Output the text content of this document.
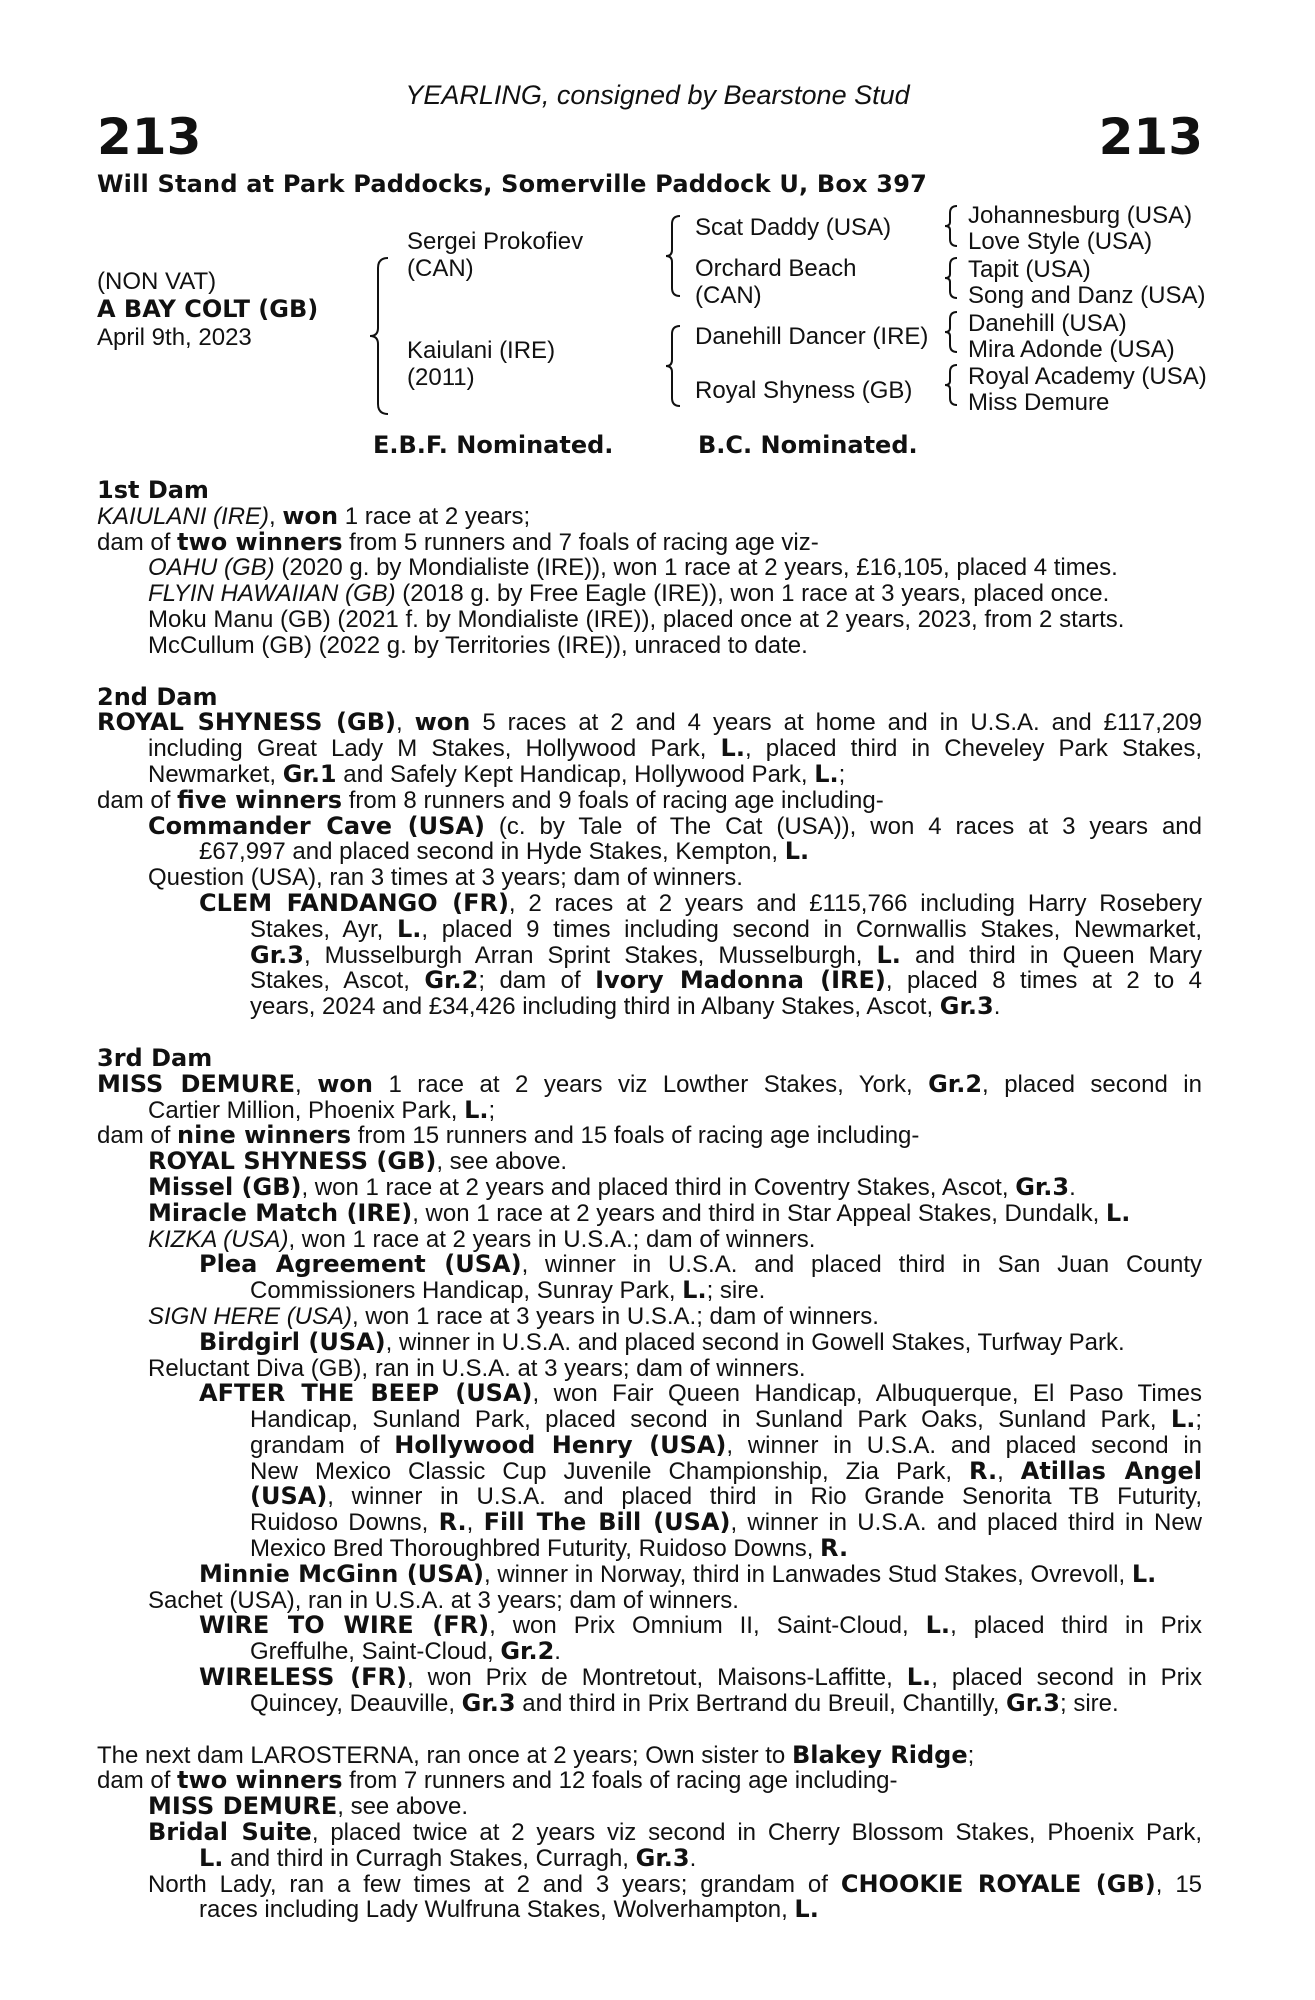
YEARLING, consigned by Bearstone Stud
213	213
Will Stand at Park Paddocks, Somerville Paddock U, Box 397
(NON VAT)
A BAY COLT (GB)
April 9th, 2023
Sergei Prokofiev
(CAN)
Kaiulani (IRE)
(2011)
Scat Daddy (USA)
Orchard Beach
(CAN)
Danehill Dancer (IRE)
Royal Shyness (GB)
Johannesburg (USA)
Love Style (USA)
Tapit (USA)
Song and Danz (USA)
Danehill (USA)
Mira Adonde (USA)
Royal Academy (USA)
Miss Demure
E.B.F. Nominated.	B.C. Nominated.
1st Dam
KAIULANI (IRE), won 1 race at 2 years;
dam of two winners from 5 runners and 7 foals of racing age viz-
OAHU (GB) (2020 g. by Mondialiste (IRE)), won 1 race at 2 years, £16,105, placed 4 times.
FLYIN HAWAIIAN (GB) (2018 g. by Free Eagle (IRE)), won 1 race at 3 years, placed once.
Moku Manu (GB) (2021 f. by Mondialiste (IRE)), placed once at 2 years, 2023, from 2 starts.
McCullum (GB) (2022 g. by Territories (IRE)), unraced to date.
2nd Dam
ROYAL SHYNESS (GB), won 5 races at 2 and 4 years at home and in U.S.A. and £117,209
including Great Lady M Stakes, Hollywood Park, L., placed third in Cheveley Park Stakes,
Newmarket, Gr.1 and Safely Kept Handicap, Hollywood Park, L.;
dam of five winners from 8 runners and 9 foals of racing age including-
Commander Cave (USA) (c. by Tale of The Cat (USA)), won 4 races at 3 years and
£67,997 and placed second in Hyde Stakes, Kempton, L.
Question (USA), ran 3 times at 3 years; dam of winners.
CLEM FANDANGO (FR), 2 races at 2 years and £115,766 including Harry Rosebery
Stakes, Ayr, L., placed 9 times including second in Cornwallis Stakes, Newmarket,
Gr.3, Musselburgh Arran Sprint Stakes, Musselburgh, L. and third in Queen Mary
Stakes, Ascot, Gr.2; dam of Ivory Madonna (IRE), placed 8 times at 2 to 4
years, 2024 and £34,426 including third in Albany Stakes, Ascot, Gr.3.
3rd Dam
MISS DEMURE, won 1 race at 2 years viz Lowther Stakes, York, Gr.2, placed second in
Cartier Million, Phoenix Park, L.;
dam of nine winners from 15 runners and 15 foals of racing age including-
ROYAL SHYNESS (GB), see above.
Missel (GB), won 1 race at 2 years and placed third in Coventry Stakes, Ascot, Gr.3.
Miracle Match (IRE), won 1 race at 2 years and third in Star Appeal Stakes, Dundalk, L.
KIZKA (USA), won 1 race at 2 years in U.S.A.; dam of winners.
Plea Agreement (USA), winner in U.S.A. and placed third in San Juan County
Commissioners Handicap, Sunray Park, L.; sire.
SIGN HERE (USA), won 1 race at 3 years in U.S.A.; dam of winners.
Birdgirl (USA), winner in U.S.A. and placed second in Gowell Stakes, Turfway Park.
Reluctant Diva (GB), ran in U.S.A. at 3 years; dam of winners.
AFTER THE BEEP (USA), won Fair Queen Handicap, Albuquerque, El Paso Times
Handicap, Sunland Park, placed second in Sunland Park Oaks, Sunland Park, L.;
grandam of Hollywood Henry (USA), winner in U.S.A. and placed second in
New Mexico Classic Cup Juvenile Championship, Zia Park, R., Atillas Angel
(USA), winner in U.S.A. and placed third in Rio Grande Senorita TB Futurity,
Ruidoso Downs, R., Fill The Bill (USA), winner in U.S.A. and placed third in New
Mexico Bred Thoroughbred Futurity, Ruidoso Downs, R.
Minnie McGinn (USA), winner in Norway, third in Lanwades Stud Stakes, Ovrevoll, L.
Sachet (USA), ran in U.S.A. at 3 years; dam of winners.
WIRE TO WIRE (FR), won Prix Omnium II, Saint-Cloud, L., placed third in Prix
Greffulhe, Saint-Cloud, Gr.2.
WIRELESS (FR), won Prix de Montretout, Maisons-Laffitte, L., placed second in Prix
Quincey, Deauville, Gr.3 and third in Prix Bertrand du Breuil, Chantilly, Gr.3; sire.
The next dam LAROSTERNA, ran once at 2 years; Own sister to Blakey Ridge;
dam of two winners from 7 runners and 12 foals of racing age including-
MISS DEMURE, see above.
Bridal Suite, placed twice at 2 years viz second in Cherry Blossom Stakes, Phoenix Park,
L. and third in Curragh Stakes, Curragh, Gr.3.
North Lady, ran a few times at 2 and 3 years; grandam of CHOOKIE ROYALE (GB), 15
races including Lady Wulfruna Stakes, Wolverhampton, L.
